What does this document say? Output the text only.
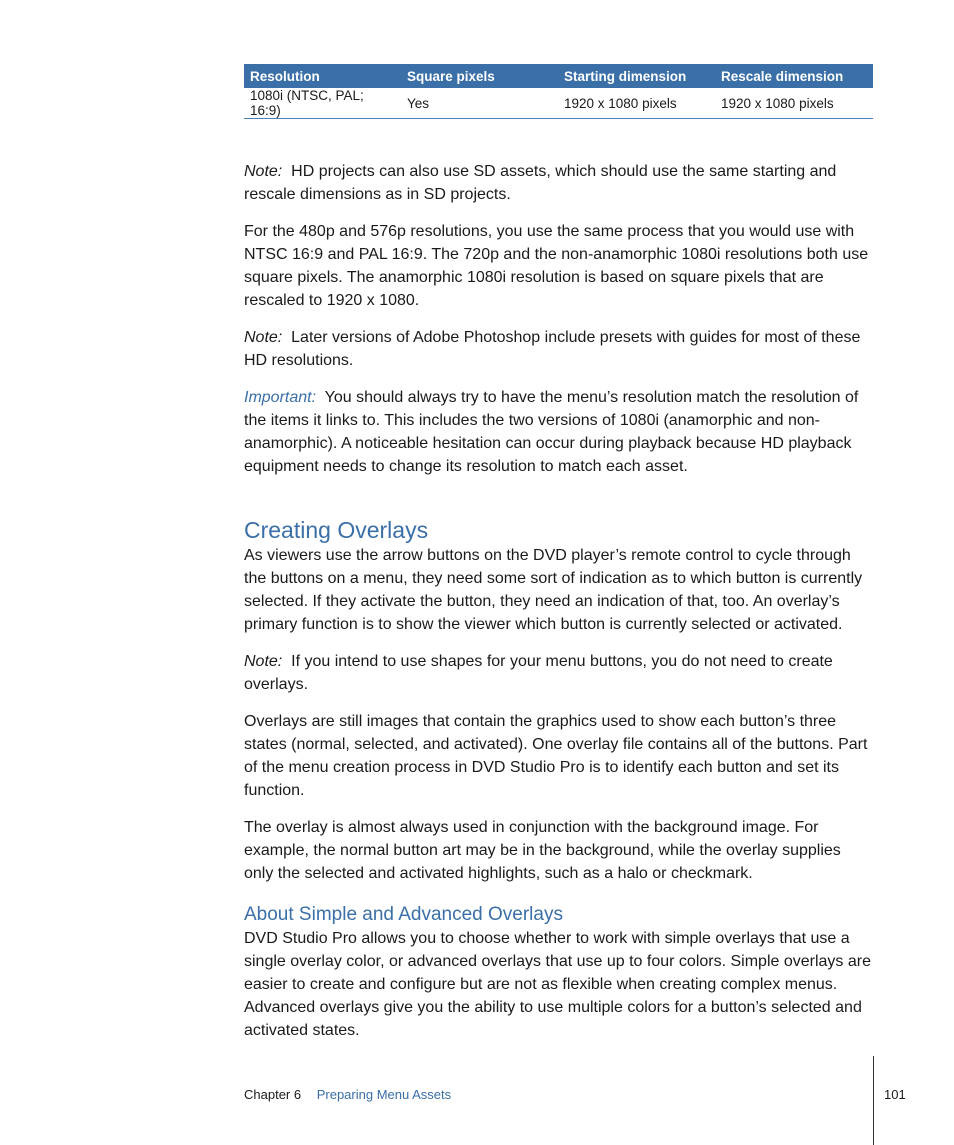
Resolution	Square pixels	Starting dimension	Rescale dimension
1080i (NTSC, PAL; 16:9)	Yes	1920 x 1080 pixels	1920 x 1080 pixels

Note: HD projects can also use SD assets, which should use the same starting and rescale dimensions as in SD projects.

For the 480p and 576p resolutions, you use the same process that you would use with NTSC 16:9 and PAL 16:9. The 720p and the non-anamorphic 1080i resolutions both use square pixels. The anamorphic 1080i resolution is based on square pixels that are rescaled to 1920 x 1080.

Note: Later versions of Adobe Photoshop include presets with guides for most of these HD resolutions.

Important: You should always try to have the menu’s resolution match the resolution of the items it links to. This includes the two versions of 1080i (anamorphic and non-anamorphic). A noticeable hesitation can occur during playback because HD playback equipment needs to change its resolution to match each asset.

Creating Overlays

As viewers use the arrow buttons on the DVD player’s remote control to cycle through the buttons on a menu, they need some sort of indication as to which button is currently selected. If they activate the button, they need an indication of that, too. An overlay’s primary function is to show the viewer which button is currently selected or activated.

Note: If you intend to use shapes for your menu buttons, you do not need to create overlays.

Overlays are still images that contain the graphics used to show each button’s three states (normal, selected, and activated). One overlay file contains all of the buttons. Part of the menu creation process in DVD Studio Pro is to identify each button and set its function.

The overlay is almost always used in conjunction with the background image. For example, the normal button art may be in the background, while the overlay supplies only the selected and activated highlights, such as a halo or checkmark.

About Simple and Advanced Overlays

DVD Studio Pro allows you to choose whether to work with simple overlays that use a single overlay color, or advanced overlays that use up to four colors. Simple overlays are easier to create and configure but are not as flexible when creating complex menus. Advanced overlays give you the ability to use multiple colors for a button’s selected and activated states.

Chapter 6 Preparing Menu Assets	101
